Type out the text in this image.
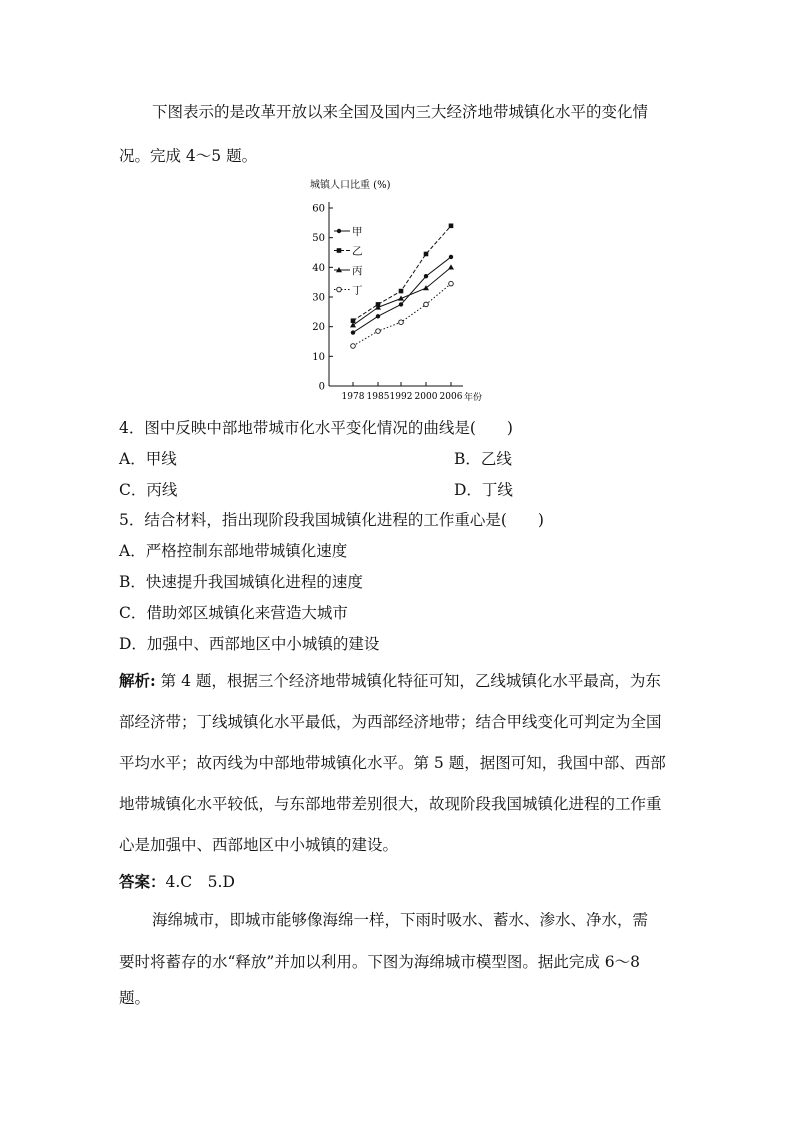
下图表示的是改革开放以来全国及国内三大经济地带城镇化水平的变化情
况。完成 4～5 题。
城镇人口比重 (%)
0
10
20
30
40
50
60
1978 1985 1992 2000 2006
甲
乙
丙
丁
年份
4．图中反映中部地带城市化水平变化情况的曲线是(　　)
A．甲线	B．乙线
C．丙线	D．丁线
5．结合材料，指出现阶段我国城镇化进程的工作重心是(　　)
A．严格控制东部地带城镇化速度
B．快速提升我国城镇化进程的速度
C．借助郊区城镇化来营造大城市
D．加强中、西部地区中小城镇的建设
解析: 第 4 题，根据三个经济地带城镇化特征可知，乙线城镇化水平最高，为东
部经济带；丁线城镇化水平最低，为西部经济地带；结合甲线变化可判定为全国
平均水平；故丙线为中部地带城镇化水平。第 5 题，据图可知，我国中部、西部
地带城镇化水平较低，与东部地带差别很大，故现阶段我国城镇化进程的工作重
心是加强中、西部地区中小城镇的建设。
答案：4.C　5.D
海绵城市，即城市能够像海绵一样，下雨时吸水、蓄水、渗水、净水，需
要时将蓄存的水“释放”并加以利用。下图为海绵城市模型图。据此完成 6～8
题。
